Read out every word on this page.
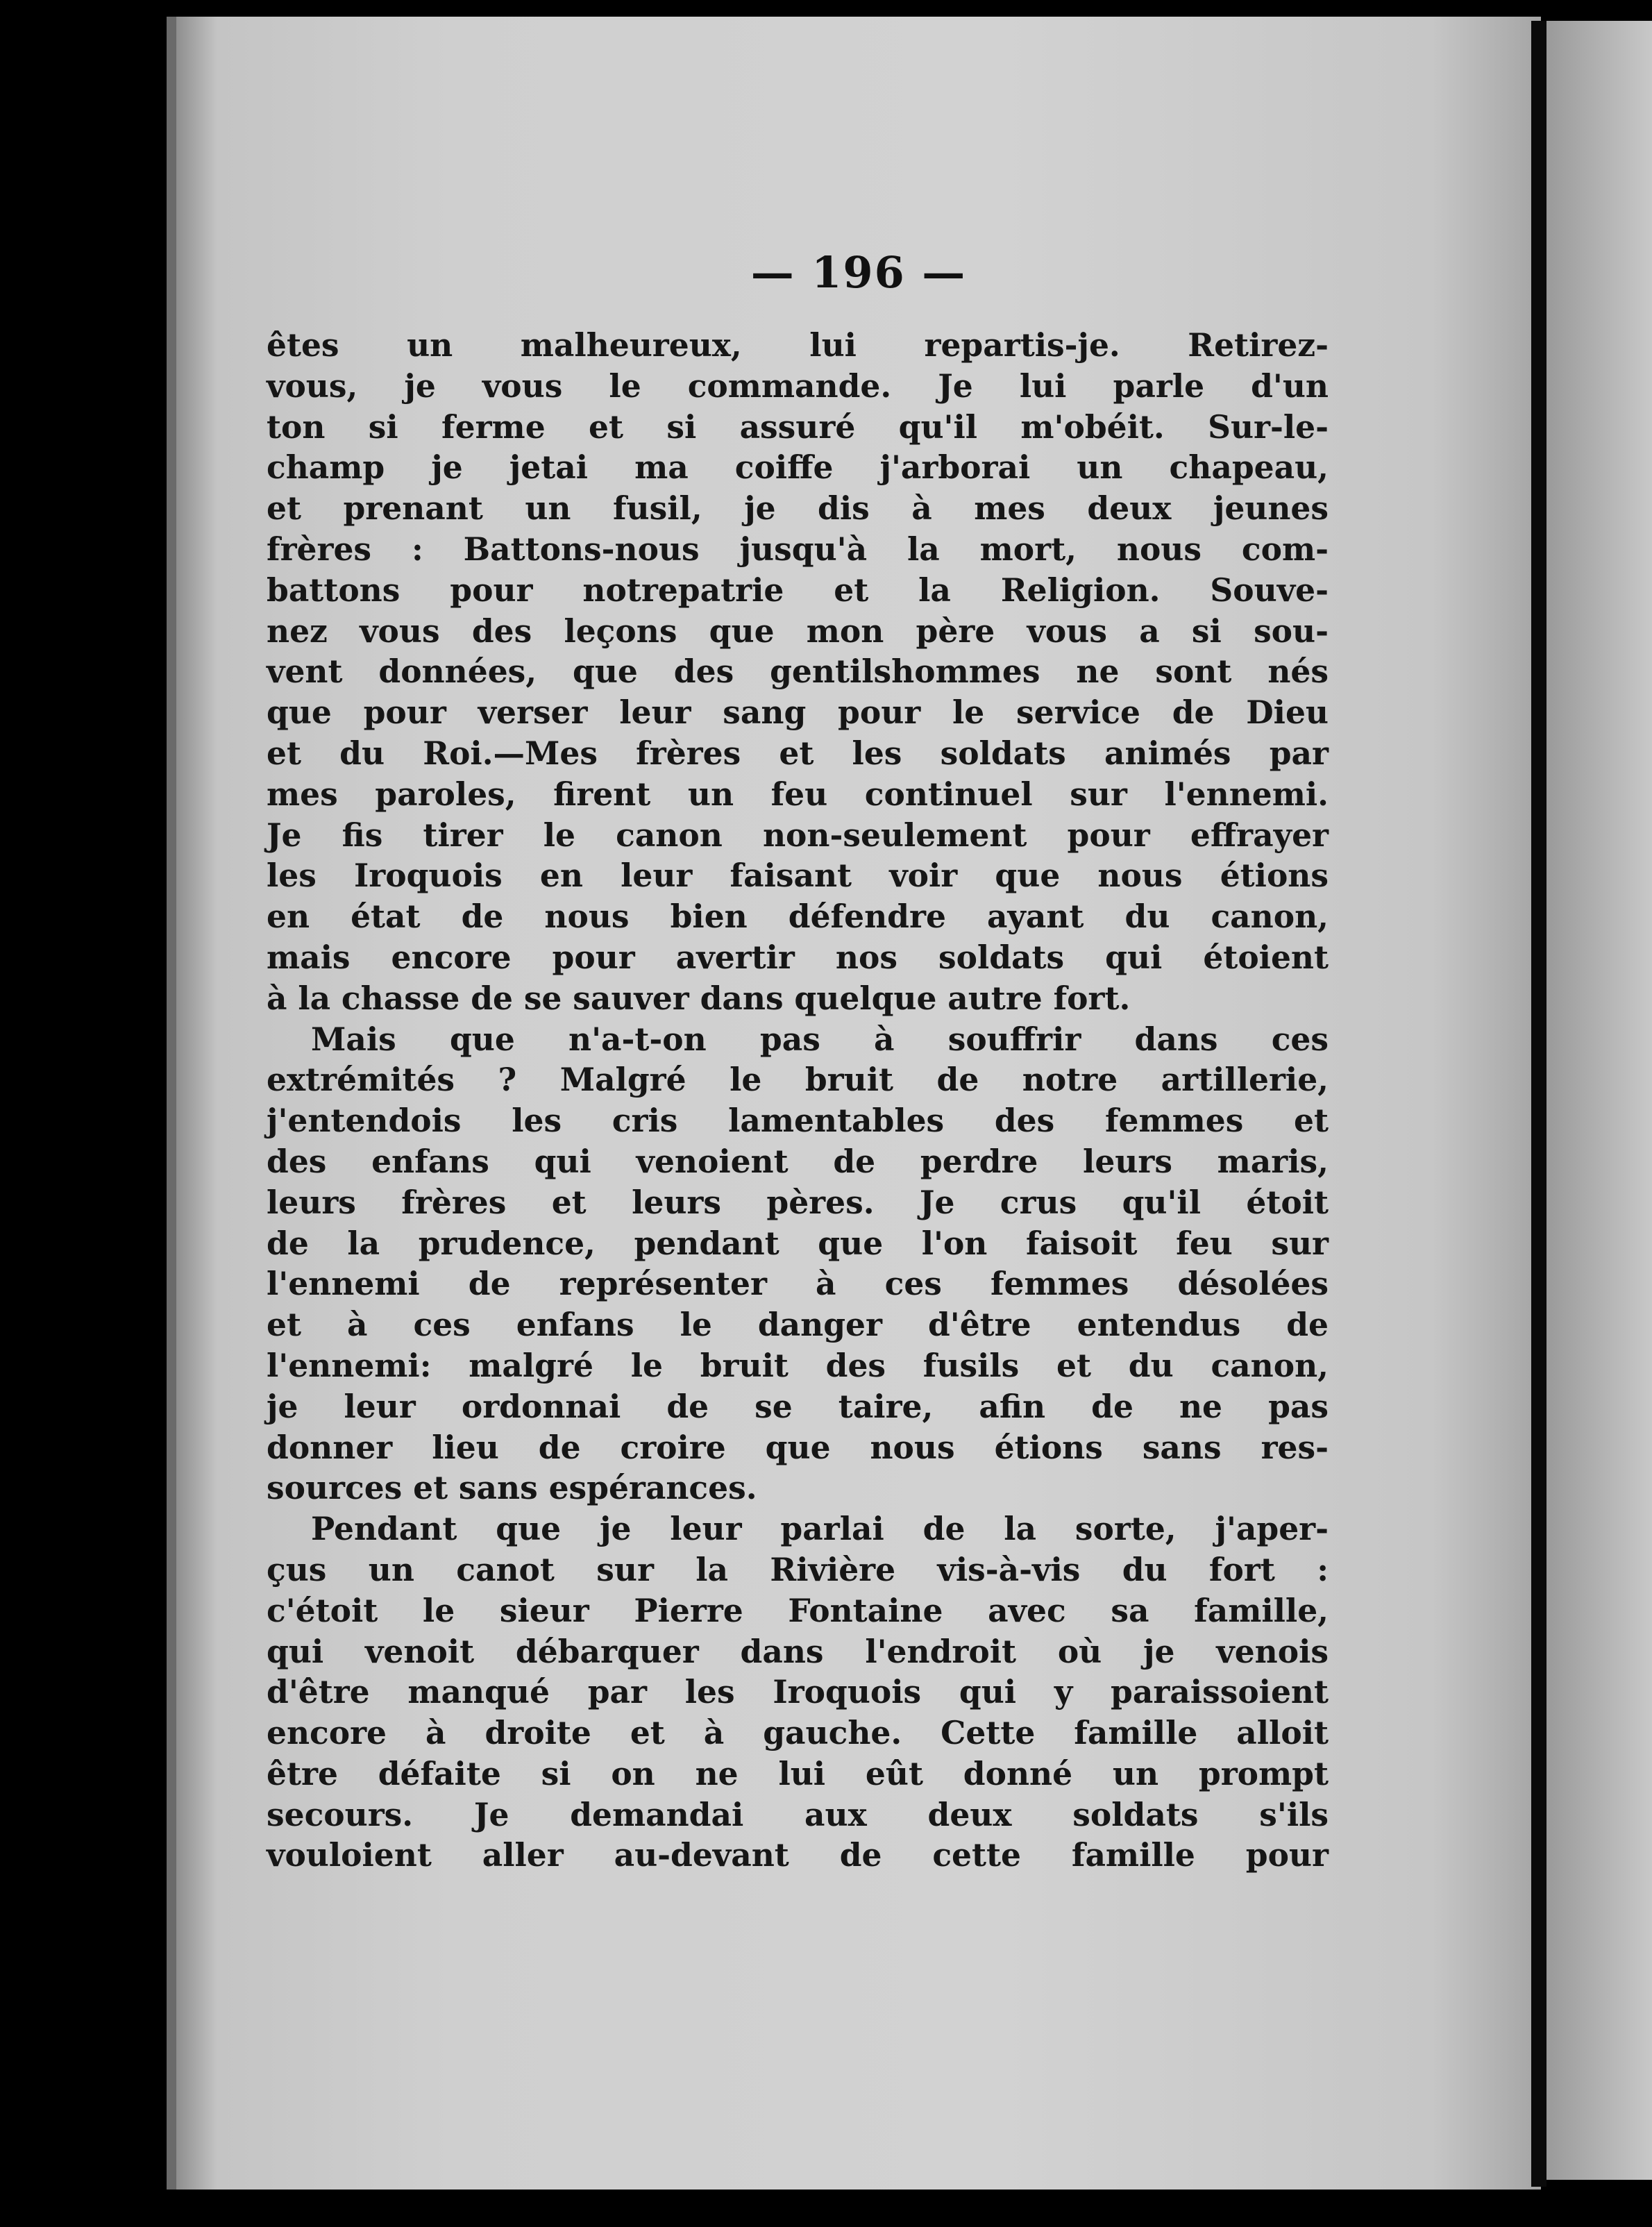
— 196 —
êtes un malheureux, lui repartis-je. Retirez-
vous, je vous le commande. Je lui parle d'un
ton si ferme et si assuré qu'il m'obéit. Sur-le-
champ je jetai ma coiffe j'arborai un chapeau,
et prenant un fusil, je dis à mes deux jeunes
frères : Battons-nous jusqu'à la mort, nous com-
battons pour notrepatrie et la Religion. Souve-
nez vous des leçons que mon père vous a si sou-
vent données, que des gentilshommes ne sont nés
que pour verser leur sang pour le service de Dieu
et du Roi.—Mes frères et les soldats animés par
mes paroles, firent un feu continuel sur l'ennemi.
Je fis tirer le canon non-seulement pour effrayer
les Iroquois en leur faisant voir que nous étions
en état de nous bien défendre ayant du canon,
mais encore pour avertir nos soldats qui étoient
à la chasse de se sauver dans quelque autre fort.
Mais que n'a-t-on pas à souffrir dans ces
extrémités ? Malgré le bruit de notre artillerie,
j'entendois les cris lamentables des femmes et
des enfans qui venoient de perdre leurs maris,
leurs frères et leurs pères. Je crus qu'il étoit
de la prudence, pendant que l'on faisoit feu sur
l'ennemi de représenter à ces femmes désolées
et à ces enfans le danger d'être entendus de
l'ennemi: malgré le bruit des fusils et du canon,
je leur ordonnai de se taire, afin de ne pas
donner lieu de croire que nous étions sans res-
sources et sans espérances.
Pendant que je leur parlai de la sorte, j'aper-
çus un canot sur la Rivière vis-à-vis du fort :
c'étoit le sieur Pierre Fontaine avec sa famille,
qui venoit débarquer dans l'endroit où je venois
d'être manqué par les Iroquois qui y paraissoient
encore à droite et à gauche. Cette famille alloit
être défaite si on ne lui eût donné un prompt
secours. Je demandai aux deux soldats s'ils
vouloient aller au-devant de cette famille pour
